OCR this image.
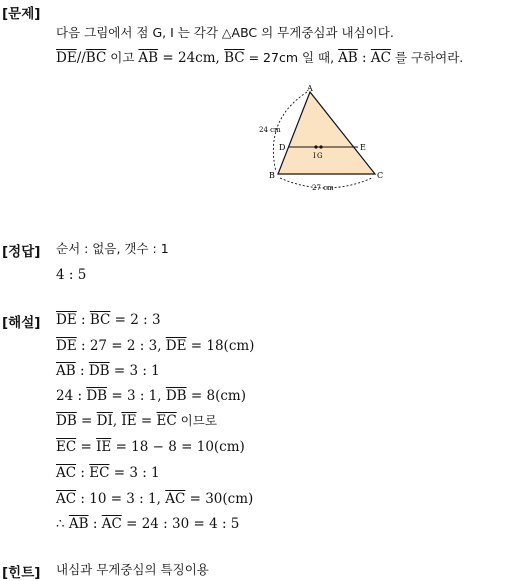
[문제]
다음 그림에서 점 G, I 는 각각 △ABC 의 무게중심과 내심이다.
$\overline{DE}//\overline{BC}$ 이고 $\overline{AB} = 24cm$, $\overline{BC} = 27cm$ 일 때, $\overline{AB}$ : $\overline{AC}$ 를 구하여라.
A
B	C
D	E
I G
24 cm
27 cm
[정답] 순서 : 없음, 갯수 : 1
4 : 5
[해설] $\overline{DE}$ : $\overline{BC} = 2$ : 3
$\overline{DE}$ : 27 = 2 : 3, $\overline{DE} = 18(cm)$
$\overline{AB}$ : $\overline{DB} = 3$ : 1
24 : $\overline{DB} = 3$ : 1, $\overline{DB} = 8(cm)$
$\overline{DB} = \overline{DI}$, $\overline{IE} = \overline{EC}$ 이므로
$\overline{EC} = \overline{IE} = 18 - 8 = 10(cm)$
$\overline{AC}$ : $\overline{EC} = 3$ : 1
$\overline{AC}$ : 10 = 3 : 1, $\overline{AC} = 30(cm)$
∴ $\overline{AB}$ : $\overline{AC} = 24$ : 30 = 4 : 5
[힌트] 내심과 무게중심의 특징이용
